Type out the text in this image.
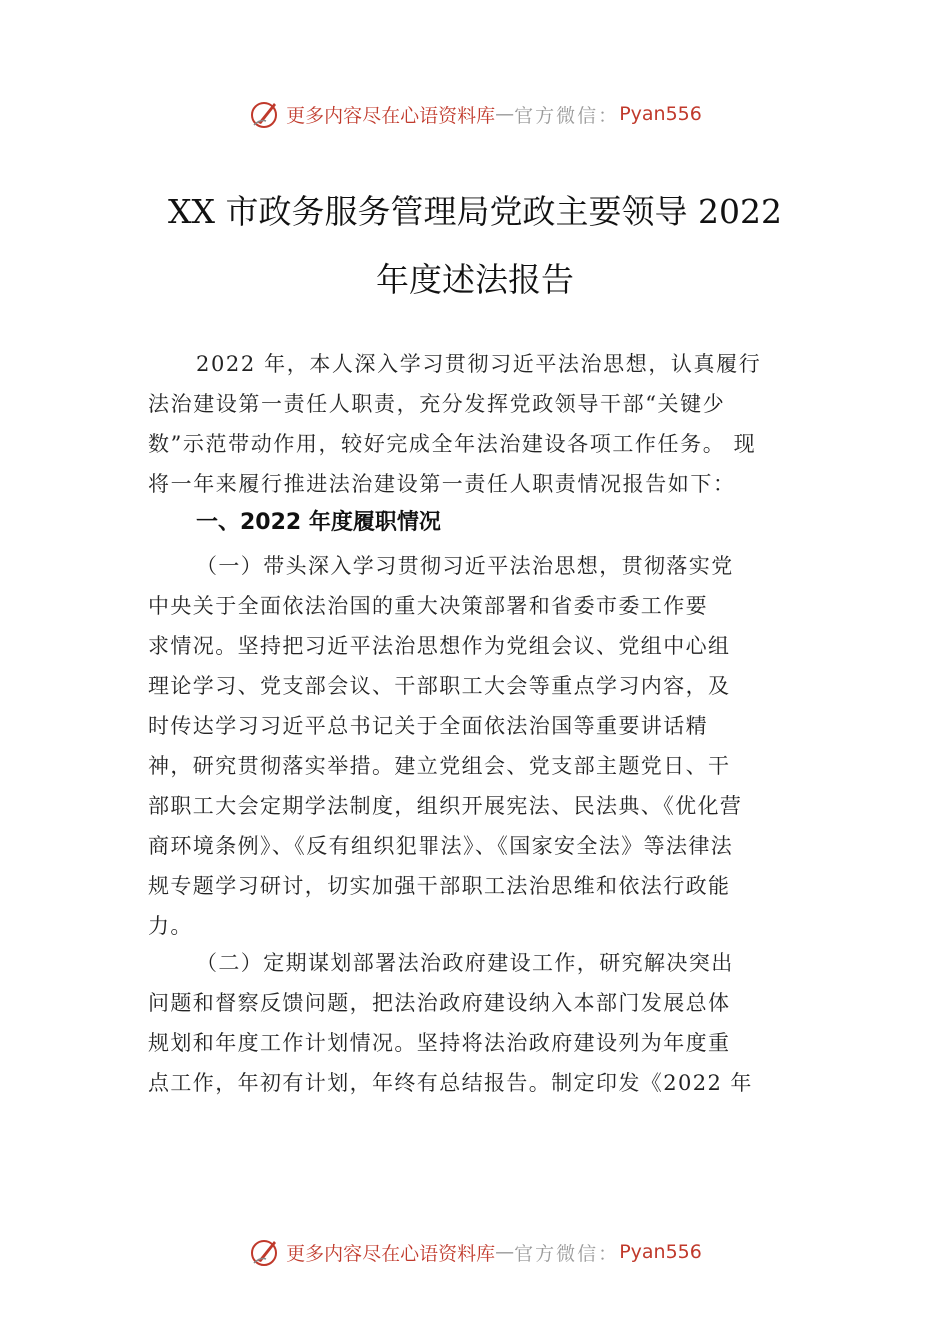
更多内容尽在心语资料库 — 官方微信： Pyan556
XX 市政务服务管理局党政主要领导 2022
年度述法报告
2022 年，本人深入学习贯彻习近平法治思想，认真履行
法治建设第一责任人职责，充分发挥党政领导干部“关键少
数”示范带动作用，较好完成全年法治建设各项工作任务。 现
将一年来履行推进法治建设第一责任人职责情况报告如下：
一、2022 年度履职情况
（一）带头深入学习贯彻习近平法治思想，贯彻落实党
中央关于全面依法治国的重大决策部署和省委市委工作要
求情况。坚持把习近平法治思想作为党组会议、党组中心组
理论学习、党支部会议、干部职工大会等重点学习内容，及
时传达学习习近平总书记关于全面依法治国等重要讲话精
神，研究贯彻落实举措。建立党组会、党支部主题党日、干
部职工大会定期学法制度，组织开展宪法、民法典、《优化营
商环境条例》、《反有组织犯罪法》、《国家安全法》等法律法
规专题学习研讨，切实加强干部职工法治思维和依法行政能
力。
（二）定期谋划部署法治政府建设工作，研究解决突出
问题和督察反馈问题，把法治政府建设纳入本部门发展总体
规划和年度工作计划情况。坚持将法治政府建设列为年度重
点工作，年初有计划，年终有总结报告。制定印发《2022 年
更多内容尽在心语资料库 — 官方微信： Pyan556
